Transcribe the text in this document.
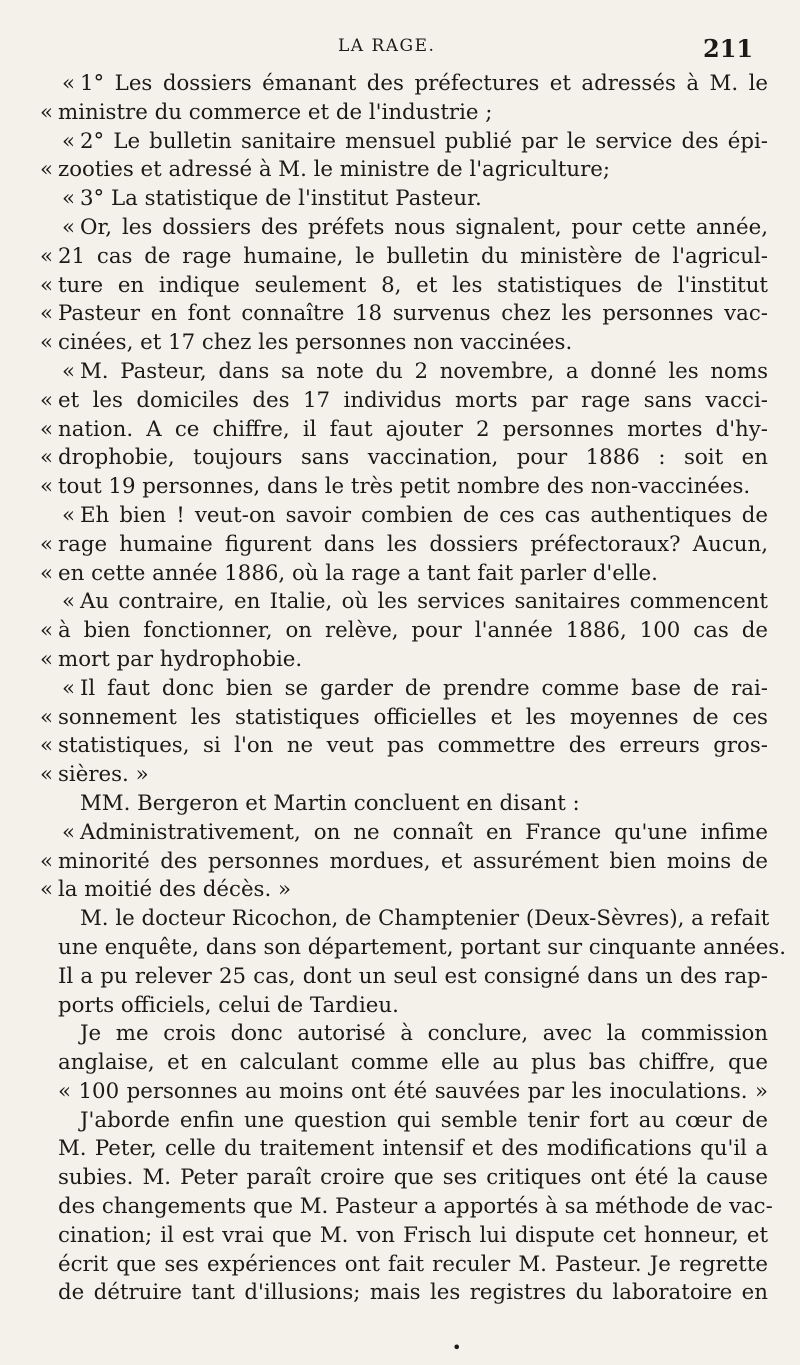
LA RAGE.	211
« 1° Les dossiers émanant des préfectures et adressés à M. le
« ministre du commerce et de l'industrie ;
« 2° Le bulletin sanitaire mensuel publié par le service des épi-
« zooties et adressé à M. le ministre de l'agriculture;
« 3° La statistique de l'institut Pasteur.
« Or, les dossiers des préfets nous signalent, pour cette année,
« 21 cas de rage humaine, le bulletin du ministère de l'agricul-
« ture en indique seulement 8, et les statistiques de l'institut
« Pasteur en font connaître 18 survenus chez les personnes vac-
« cinées, et 17 chez les personnes non vaccinées.
« M. Pasteur, dans sa note du 2 novembre, a donné les noms
« et les domiciles des 17 individus morts par rage sans vacci-
« nation. A ce chiffre, il faut ajouter 2 personnes mortes d'hy-
« drophobie, toujours sans vaccination, pour 1886 : soit en
« tout 19 personnes, dans le très petit nombre des non-vaccinées.
« Eh bien ! veut-on savoir combien de ces cas authentiques de
« rage humaine figurent dans les dossiers préfectoraux? Aucun,
« en cette année 1886, où la rage a tant fait parler d'elle.
« Au contraire, en Italie, où les services sanitaires commencent
« à bien fonctionner, on relève, pour l'année 1886, 100 cas de
« mort par hydrophobie.
« Il faut donc bien se garder de prendre comme base de rai-
« sonnement les statistiques officielles et les moyennes de ces
« statistiques, si l'on ne veut pas commettre des erreurs gros-
« sières. »
MM. Bergeron et Martin concluent en disant :
« Administrativement, on ne connaît en France qu'une infime
« minorité des personnes mordues, et assurément bien moins de
« la moitié des décès. »
M. le docteur Ricochon, de Champtenier (Deux-Sèvres), a refait
une enquête, dans son département, portant sur cinquante années.
Il a pu relever 25 cas, dont un seul est consigné dans un des rap-
ports officiels, celui de Tardieu.
Je me crois donc autorisé à conclure, avec la commission
anglaise, et en calculant comme elle au plus bas chiffre, que
« 100 personnes au moins ont été sauvées par les inoculations. »
J'aborde enfin une question qui semble tenir fort au cœur de
M. Peter, celle du traitement intensif et des modifications qu'il a
subies. M. Peter paraît croire que ses critiques ont été la cause
des changements que M. Pasteur a apportés à sa méthode de vac-
cination; il est vrai que M. von Frisch lui dispute cet honneur, et
écrit que ses expériences ont fait reculer M. Pasteur. Je regrette
de détruire tant d'illusions; mais les registres du laboratoire en
•
